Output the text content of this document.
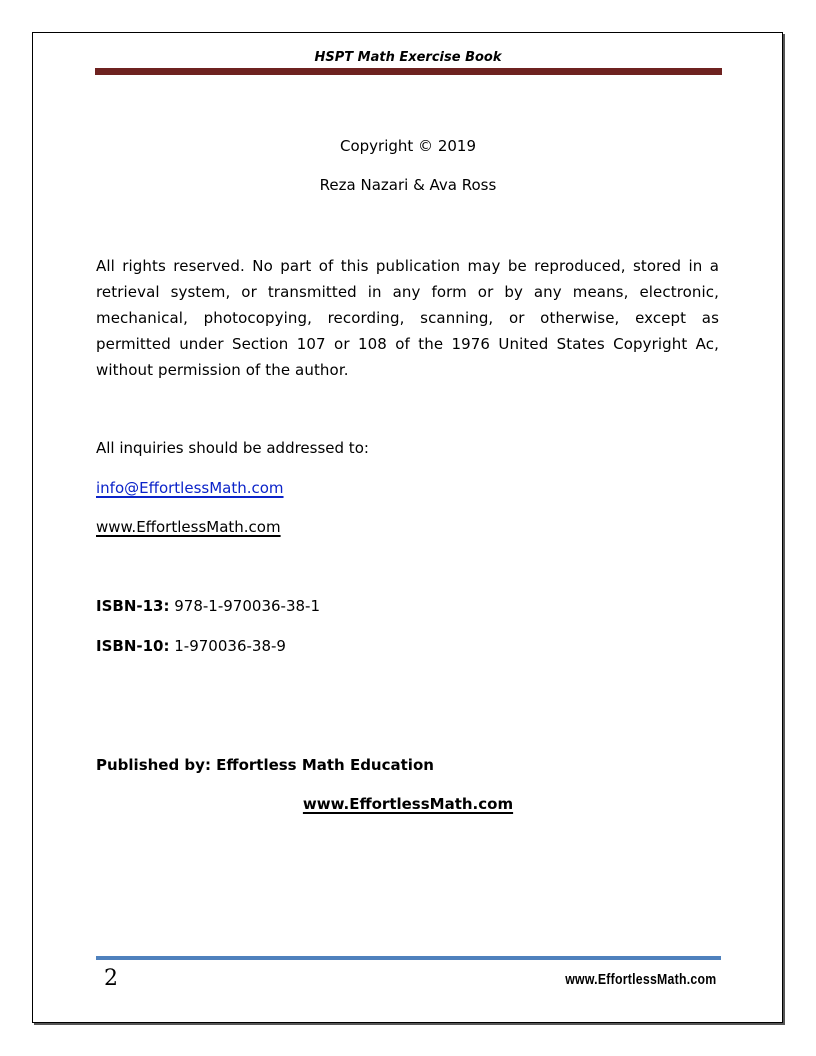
HSPT Math Exercise Book
Copyright © 2019
Reza Nazari & Ava Ross
All rights reserved. No part of this publication may be reproduced, stored in a retrieval system, or transmitted in any form or by any means, electronic, mechanical, photocopying, recording, scanning, or otherwise, except as permitted under Section 107 or 108 of the 1976 United States Copyright Ac, without permission of the author.
All inquiries should be addressed to:
info@EffortlessMath.com
www.EffortlessMath.com
ISBN-13: 978-1-970036-38-1
ISBN-10: 1-970036-38-9
Published by: Effortless Math Education
www.EffortlessMath.com
2	www.EffortlessMath.com
